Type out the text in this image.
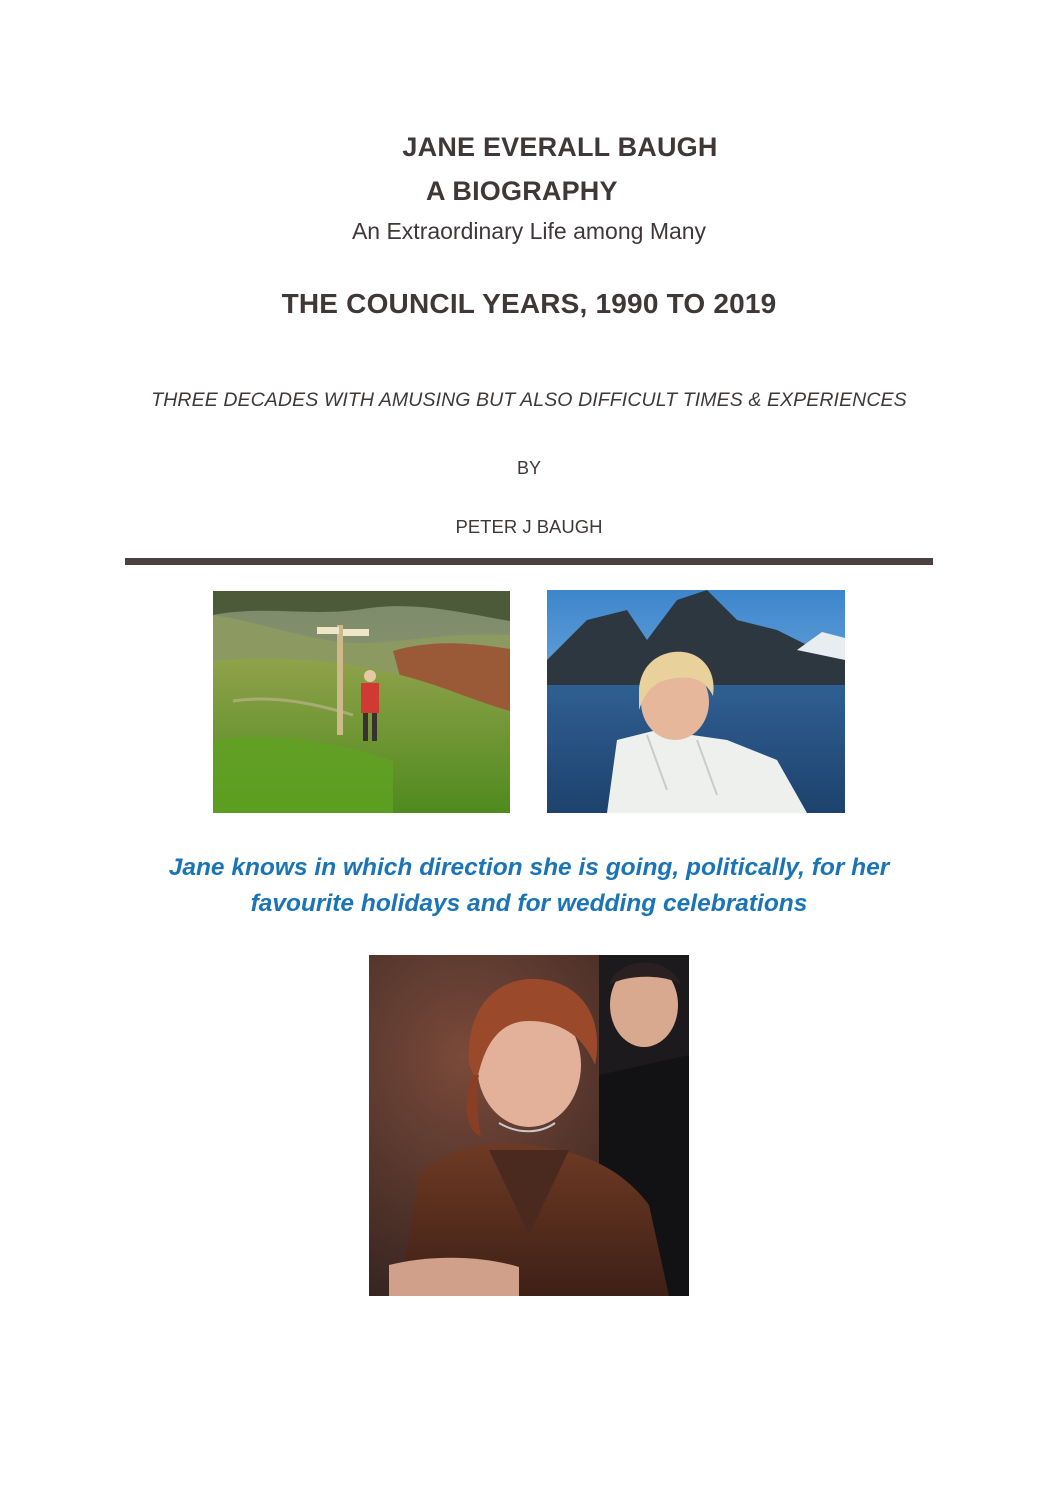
JANE EVERALL BAUGH
A BIOGRAPHY
An Extraordinary Life among Many
THE COUNCIL YEARS, 1990 TO 2019
THREE DECADES WITH AMUSING BUT ALSO DIFFICULT TIMES & EXPERIENCES
BY
PETER J BAUGH
Jane knows in which direction she is going, politically, for her
favourite holidays and for wedding celebrations
